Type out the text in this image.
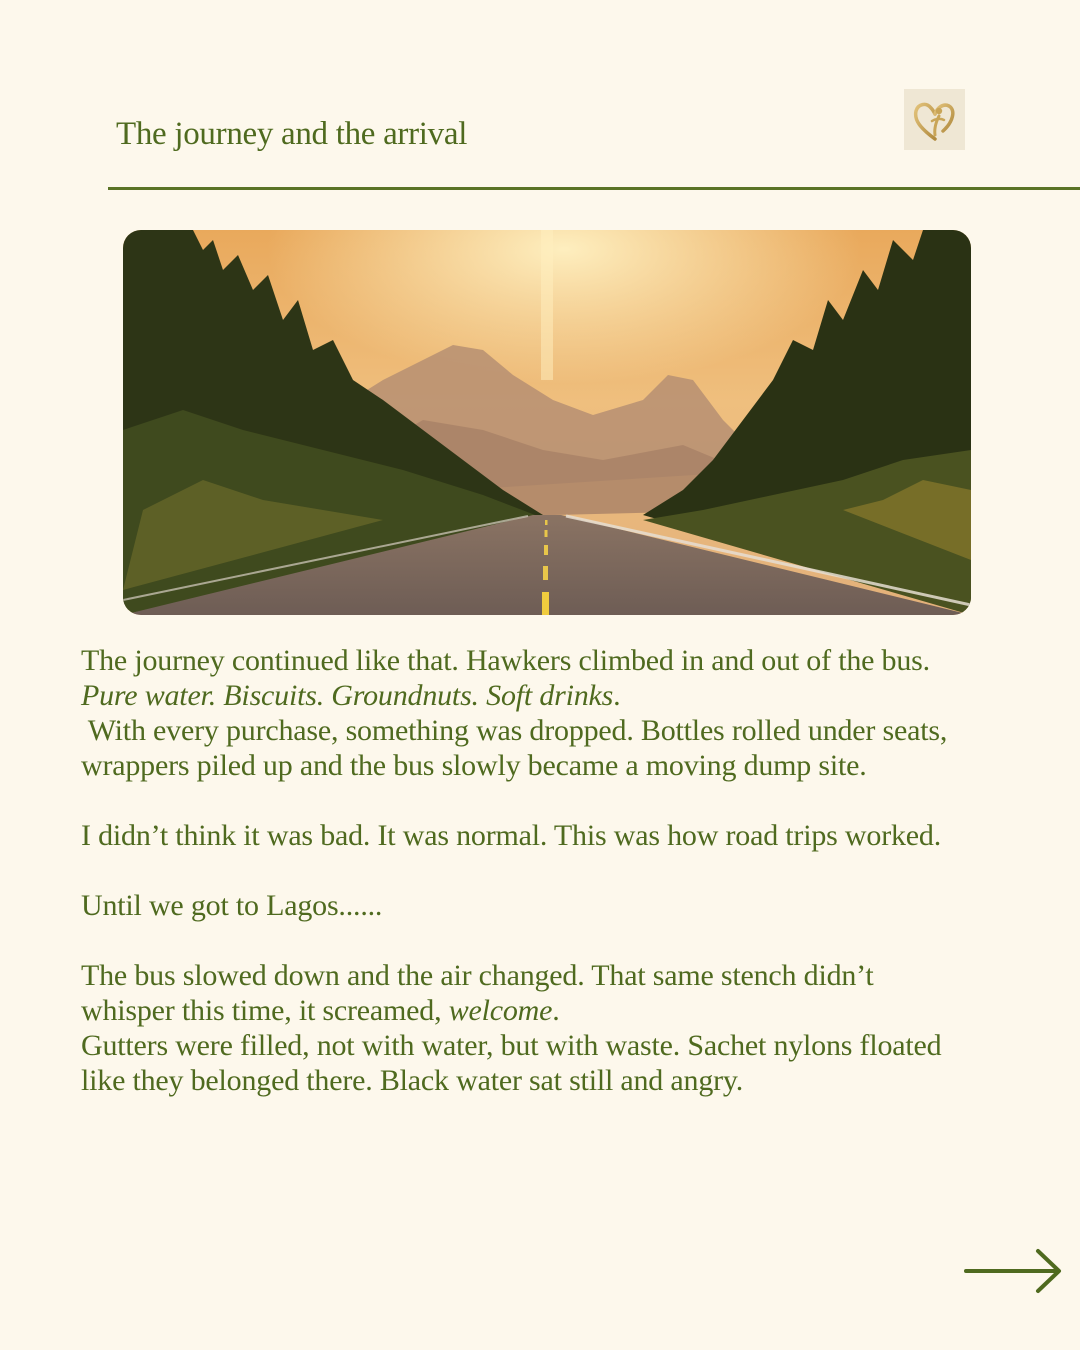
The journey and the arrival

The journey continued like that. Hawkers climbed in and out of the bus.

Pure water. Biscuits. Groundnuts. Soft drinks.

With every purchase, something was dropped. Bottles rolled under seats,

wrappers piled up and the bus slowly became a moving dump site.

I didn’t think it was bad. It was normal. This was how road trips worked.

Until we got to Lagos......

The bus slowed down and the air changed. That same stench didn’t

whisper this time, it screamed, welcome.

Gutters were filled, not with water, but with waste. Sachet nylons floated

like they belonged there. Black water sat still and angry.
